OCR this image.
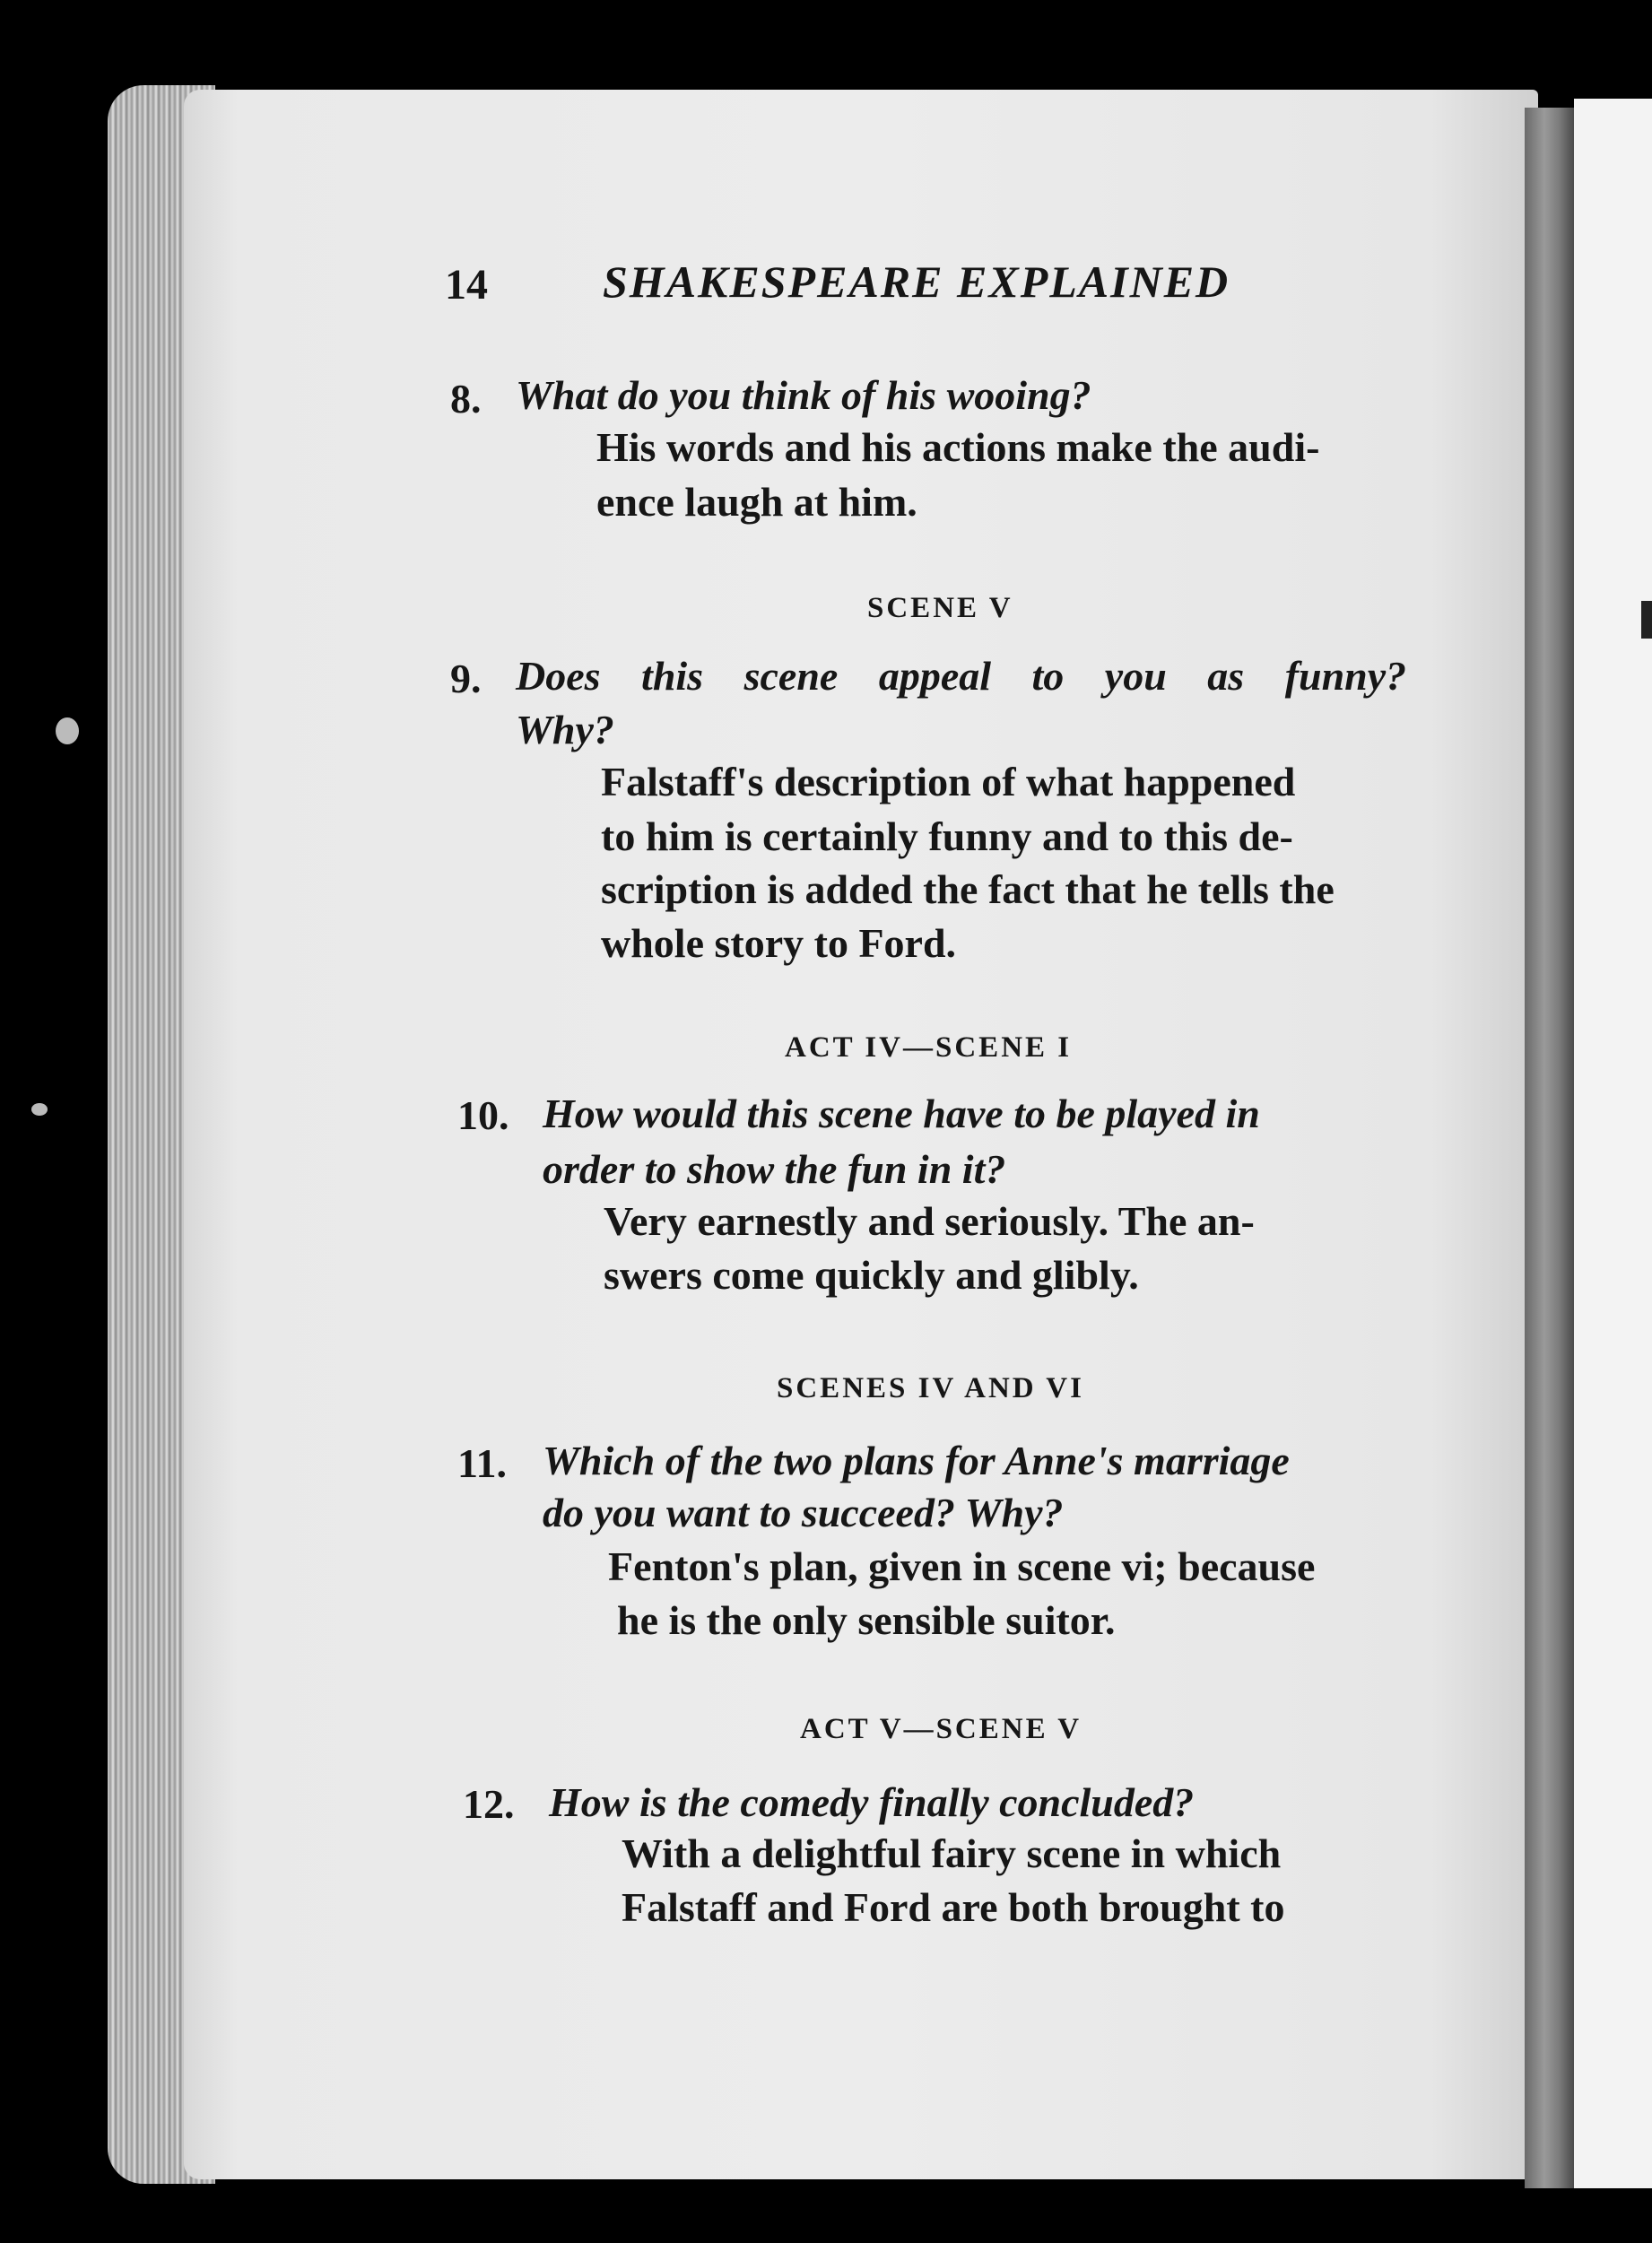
14	SHAKESPEARE EXPLAINED
8. What do you think of his wooing?
His words and his actions make the audi-
ence laugh at him.
SCENE V
9. Does this scene appeal to you as funny?
Why?
Falstaff's description of what happened
to him is certainly funny and to this de-
scription is added the fact that he tells the
whole story to Ford.
ACT IV—SCENE I
10. How would this scene have to be played in
order to show the fun in it?
Very earnestly and seriously. The an-
swers come quickly and glibly.
SCENES IV AND VI
11. Which of the two plans for Anne's marriage
do you want to succeed? Why?
Fenton's plan, given in scene vi; because
he is the only sensible suitor.
ACT V—SCENE V
12. How is the comedy finally concluded?
With a delightful fairy scene in which
Falstaff and Ford are both brought to
